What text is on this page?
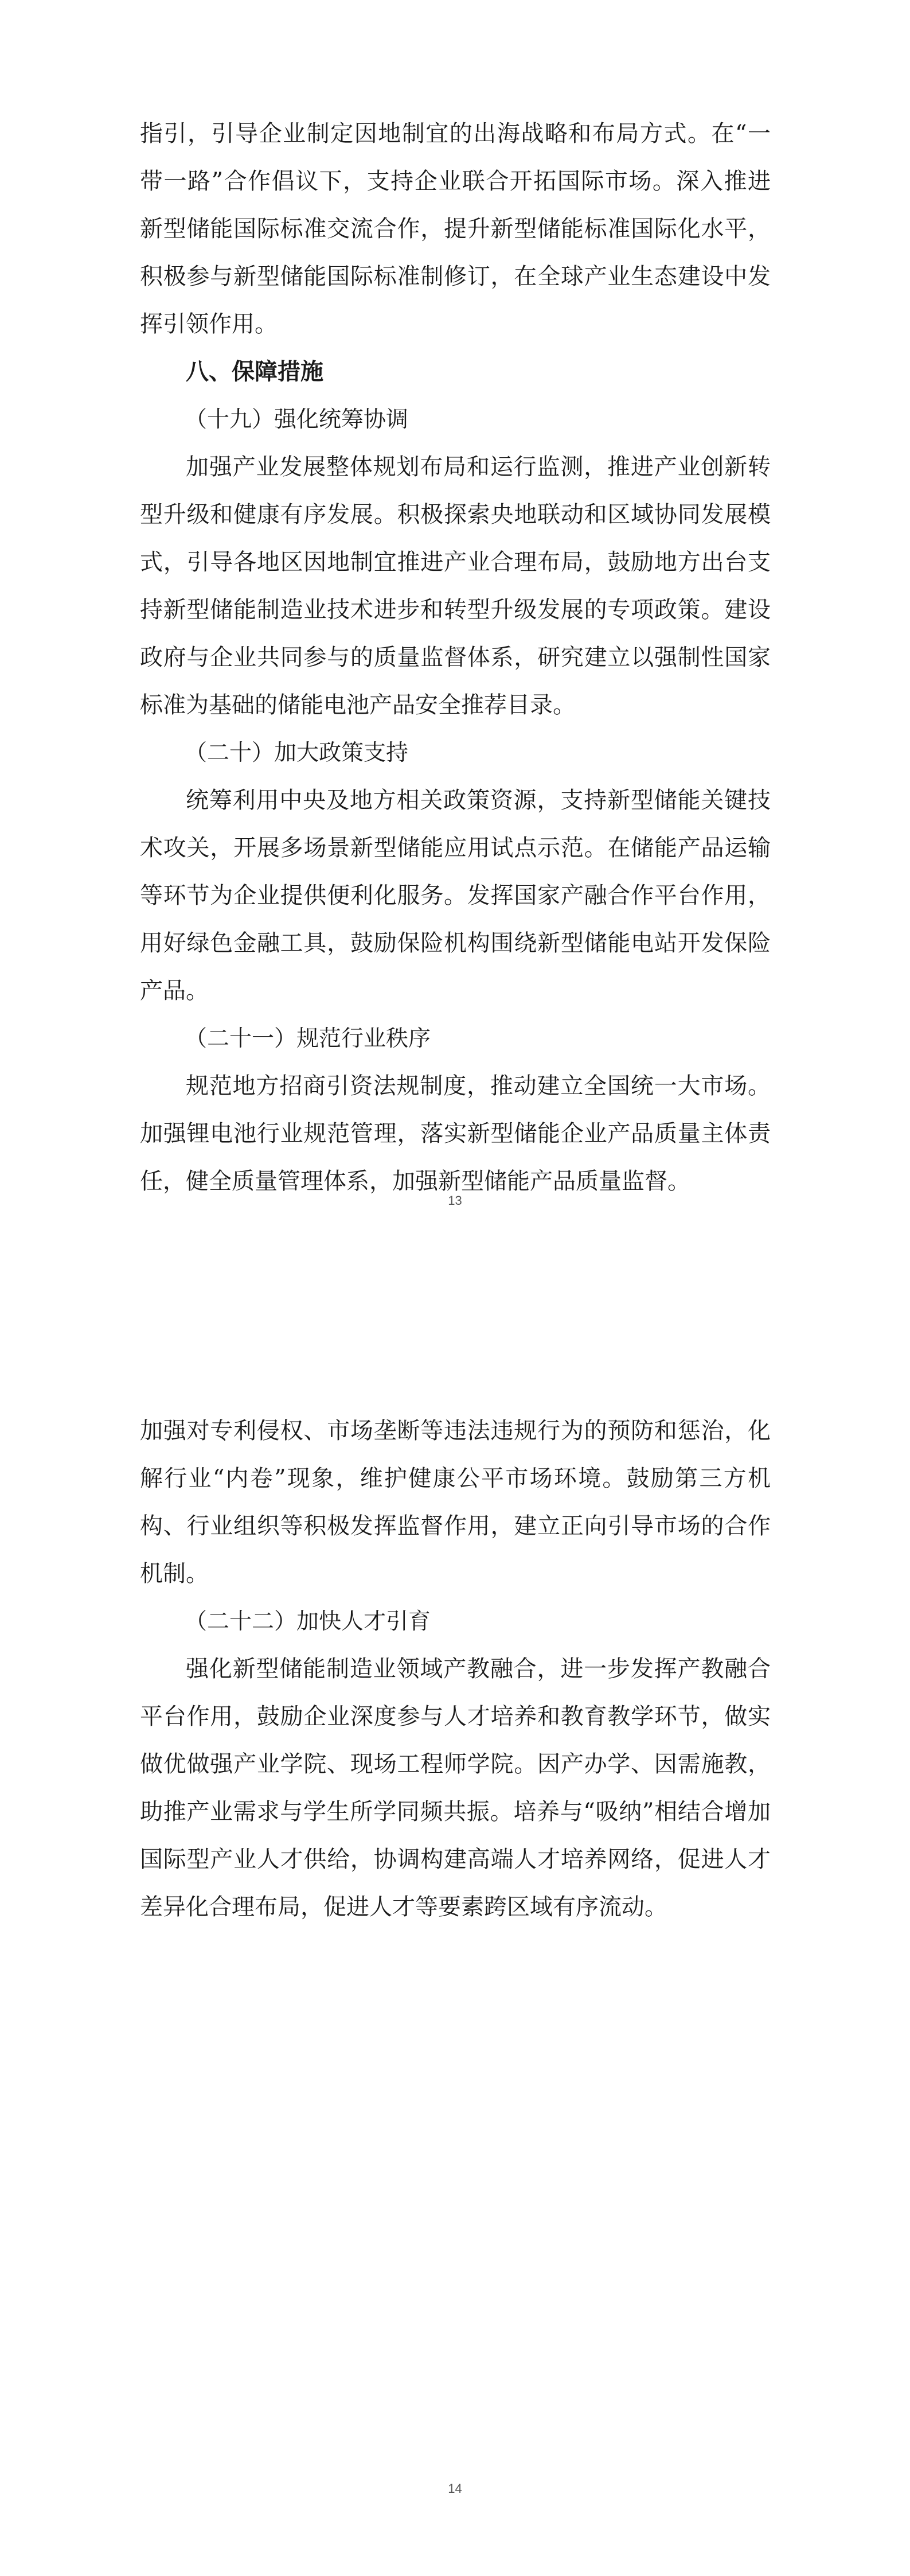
指引，引导企业制定因地制宜的出海战略和布局方式。在“一带一路”合作倡议下，支持企业联合开拓国际市场。深入推进新型储能国际标准交流合作，提升新型储能标准国际化水平，积极参与新型储能国际标准制修订，在全球产业生态建设中发挥引领作用。

八、保障措施

（十九）强化统筹协调

加强产业发展整体规划布局和运行监测，推进产业创新转型升级和健康有序发展。积极探索央地联动和区域协同发展模式，引导各地区因地制宜推进产业合理布局，鼓励地方出台支持新型储能制造业技术进步和转型升级发展的专项政策。建设政府与企业共同参与的质量监督体系，研究建立以强制性国家标准为基础的储能电池产品安全推荐目录。

（二十）加大政策支持

统筹利用中央及地方相关政策资源，支持新型储能关键技术攻关，开展多场景新型储能应用试点示范。在储能产品运输等环节为企业提供便利化服务。发挥国家产融合作平台作用，用好绿色金融工具，鼓励保险机构围绕新型储能电站开发保险产品。

（二十一）规范行业秩序

规范地方招商引资法规制度，推动建立全国统一大市场。加强锂电池行业规范管理，落实新型储能企业产品质量主体责任，健全质量管理体系，加强新型储能产品质量监督。

13

加强对专利侵权、市场垄断等违法违规行为的预防和惩治，化解行业“内卷”现象，维护健康公平市场环境。鼓励第三方机构、行业组织等积极发挥监督作用，建立正向引导市场的合作机制。

（二十二）加快人才引育

强化新型储能制造业领域产教融合，进一步发挥产教融合平台作用，鼓励企业深度参与人才培养和教育教学环节，做实做优做强产业学院、现场工程师学院。因产办学、因需施教，助推产业需求与学生所学同频共振。培养与“吸纳”相结合增加国际型产业人才供给，协调构建高端人才培养网络，促进人才差异化合理布局，促进人才等要素跨区域有序流动。

14
